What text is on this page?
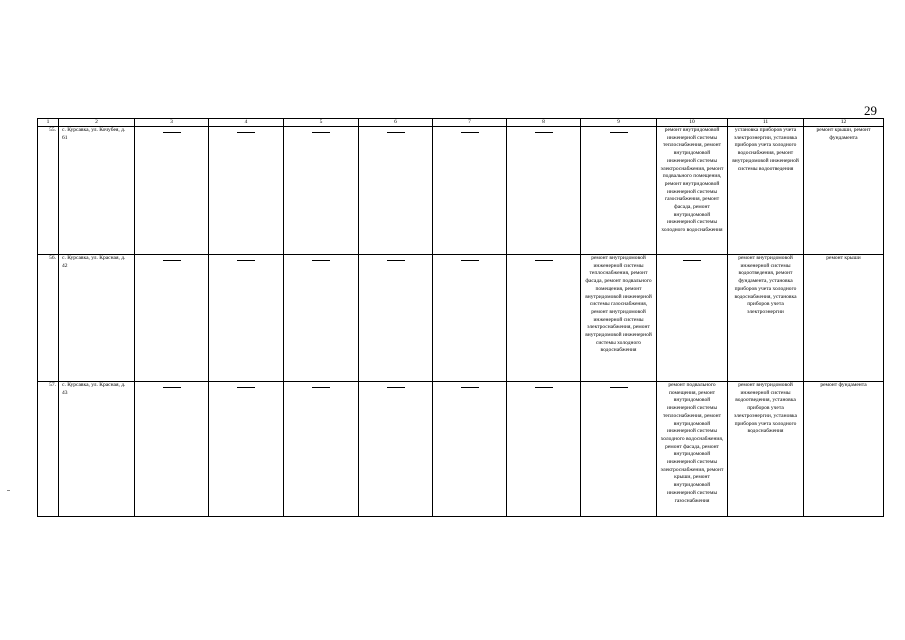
29
1	2	3	4	5	6	7	8	9	10	11	12
55.	с. Курсавка, ул. Кочубея, д. 61								ремонт внутридомовой инженерной системы теплоснабжения, ремонт внутридомовой инженерной системы электроснабжения, ремонт подвального помещения, ремонт внутридомовой инженерной системы газоснабжения, ремонт фасада, ремонт внутридомовой инженерной системы холодного водоснабжения	установка приборов учета электроэнергии, установка приборов учета холодного водоснабжения, ремонт внутридомовой инженерной системы водоотведения	ремонт крыши, ремонт фундамента
56.	с. Курсавка, ул. Красная, д. 42							ремонт внутридомовой инженерной системы теплоснабжения, ремонт фасада, ремонт подвального помещения, ремонт внутридомовой инженерной системы газоснабжения, ремонт внутридомовой инженерной системы электроснабжения, ремонт внутридомовой инженерной системы холодного водоснабжения		ремонт внутридомовой инженерной системы водоотведения, ремонт фундамента, установка приборов учета холодного водоснабжения, установка приборов учета электроэнергии	ремонт крыши
57.	с. Курсавка, ул. Красная, д. 43								ремонт подвального помещения, ремонт внутридомовой инженерной системы теплоснабжения, ремонт внутридомовой инженерной системы холодного водоснабжения, ремонт фасада, ремонт внутридомовой инженерной системы электроснабжения, ремонт крыши, ремонт внутридомовой инженерной системы газоснабжения	ремонт внутридомовой инженерной системы водоотведения, установка приборов учета электроэнергии, установка приборов учета холодного водоснабжения	ремонт фундамента
